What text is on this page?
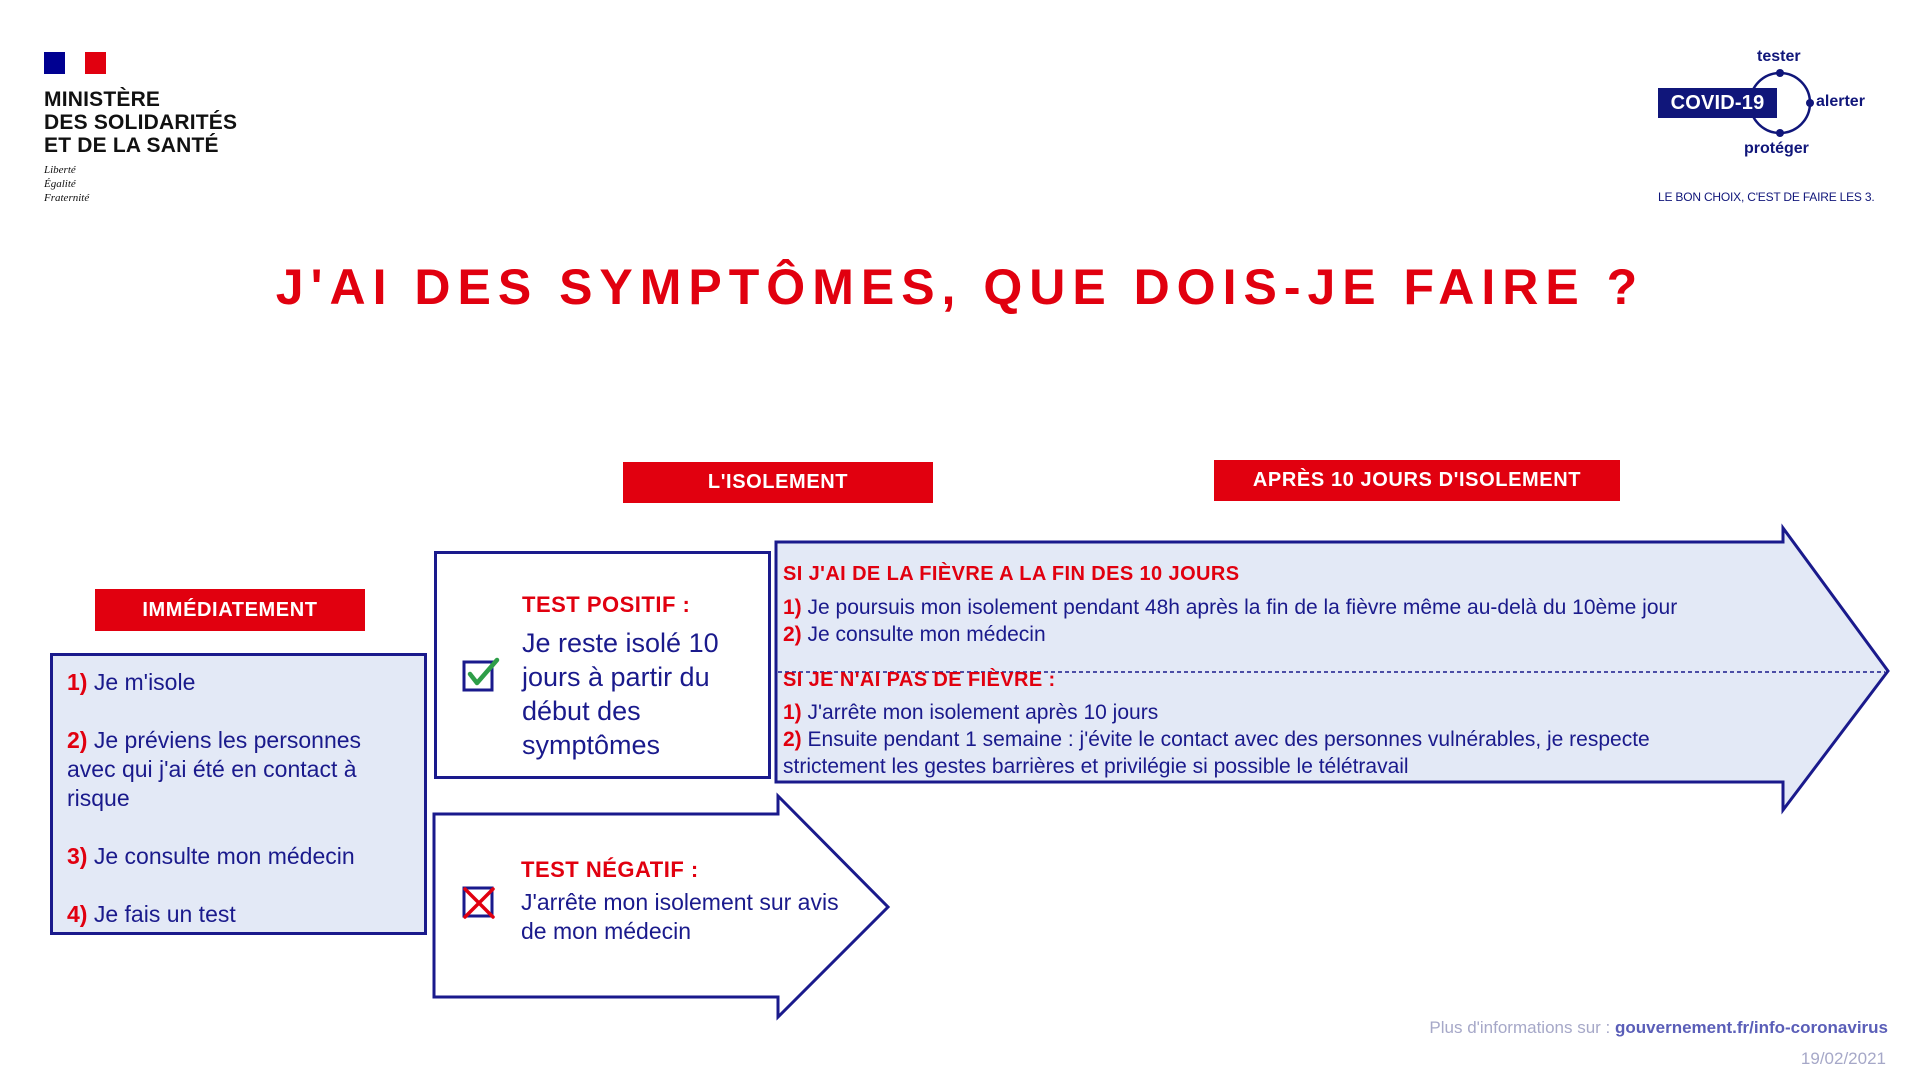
MINISTÈRE
DES SOLIDARITÉS
ET DE LA SANTÉ
Liberté
Égalité
Fraternité
COVID-19
tester
alerter
protéger
LE BON CHOIX, C'EST DE FAIRE LES 3.
J'AI DES SYMPTÔMES, QUE DOIS-JE FAIRE ?
L'ISOLEMENT	APRÈS 10 JOURS D'ISOLEMENT
IMMÉDIATEMENT
1) Je m'isole
2) Je préviens les personnes avec qui j'ai été en contact à risque
3) Je consulte mon médecin
4) Je fais un test
TEST POSITIF :
Je reste isolé 10 jours à partir du début des symptômes
TEST NÉGATIF :
J'arrête mon isolement sur avis de mon médecin
SI J'AI DE LA FIÈVRE A LA FIN DES 10 JOURS
1) Je poursuis mon isolement pendant 48h après la fin de la fièvre même au-delà du 10ème jour
2) Je consulte mon médecin
SI JE N'AI PAS DE FIÈVRE :
1) J'arrête mon isolement après 10 jours
2) Ensuite pendant 1 semaine : j'évite le contact avec des personnes vulnérables, je respecte
strictement les gestes barrières et privilégie si possible le télétravail
Plus d'informations sur : gouvernement.fr/info-coronavirus
19/02/2021
